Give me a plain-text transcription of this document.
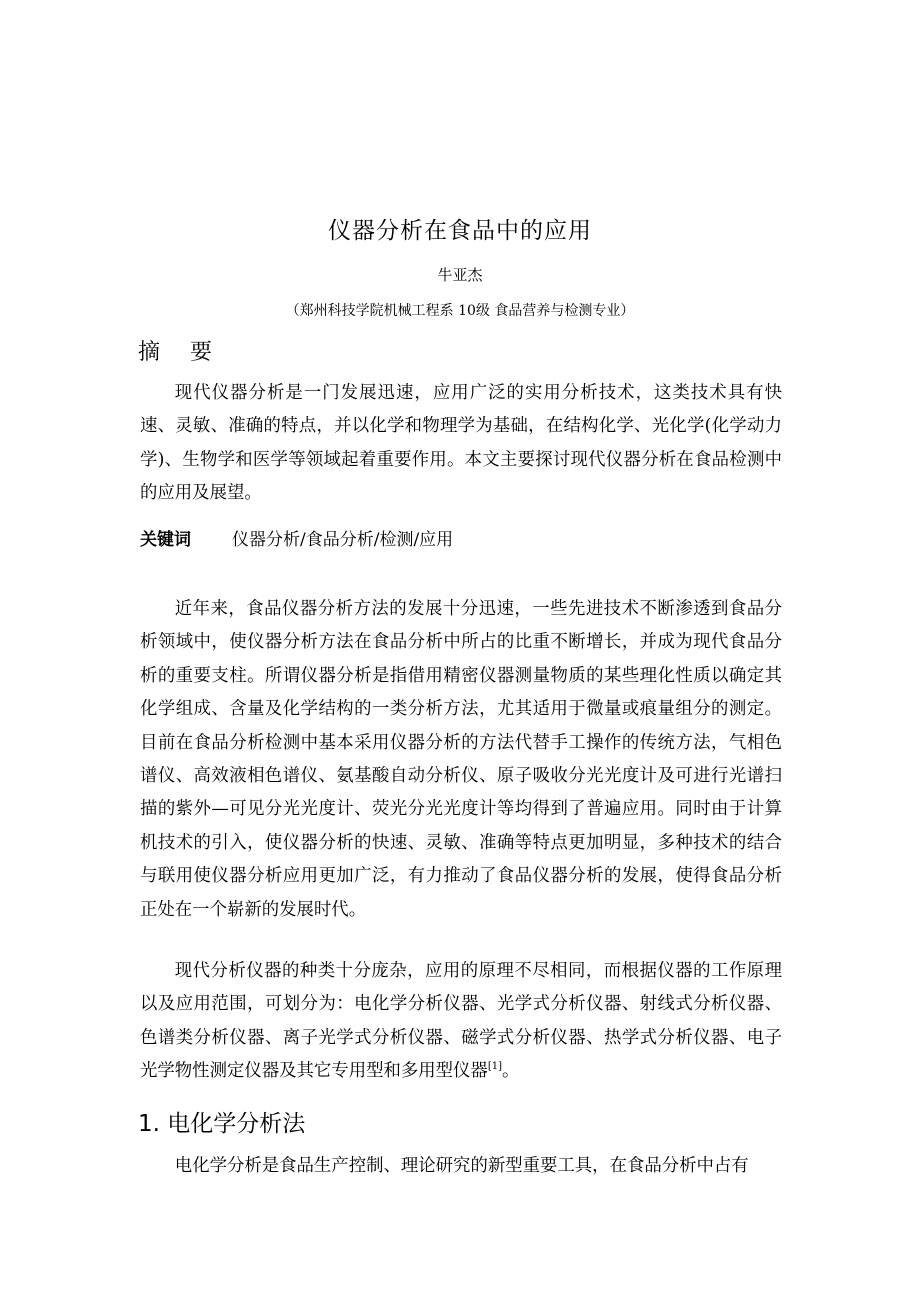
仪器分析在食品中的应用
牛亚杰
（郑州科技学院机械工程系 10级 食品营养与检测专业）
摘要

现代仪器分析是一门发展迅速，应用广泛的实用分析技术，这类技术具有快速、灵敏、准确的特点，并以化学和物理学为基础，在结构化学、光化学(化学动力学)、生物学和医学等领域起着重要作用。本文主要探讨现代仪器分析在食品检测中的应用及展望。

关键词 仪器分析/食品分析/检测/应用

近年来，食品仪器分析方法的发展十分迅速，一些先进技术不断渗透到食品分析领域中，使仪器分析方法在食品分析中所占的比重不断增长，并成为现代食品分析的重要支柱。所谓仪器分析是指借用精密仪器测量物质的某些理化性质以确定其化学组成、含量及化学结构的一类分析方法，尤其适用于微量或痕量组分的测定。目前在食品分析检测中基本采用仪器分析的方法代替手工操作的传统方法，气相色谱仪、高效液相色谱仪、氨基酸自动分析仪、原子吸收分光光度计及可进行光谱扫描的紫外—可见分光光度计、荧光分光光度计等均得到了普遍应用。同时由于计算机技术的引入，使仪器分析的快速、灵敏、准确等特点更加明显，多种技术的结合与联用使仪器分析应用更加广泛，有力推动了食品仪器分析的发展，使得食品分析正处在一个崭新的发展时代。

现代分析仪器的种类十分庞杂，应用的原理不尽相同，而根据仪器的工作原理以及应用范围，可划分为：电化学分析仪器、光学式分析仪器、射线式分析仪器、色谱类分析仪器、离子光学式分析仪器、磁学式分析仪器、热学式分析仪器、电子光学物性测定仪器及其它专用型和多用型仪器[1]。

1. 电化学分析法

电化学分析是食品生产控制、理论研究的新型重要工具，在食品分析中占有
